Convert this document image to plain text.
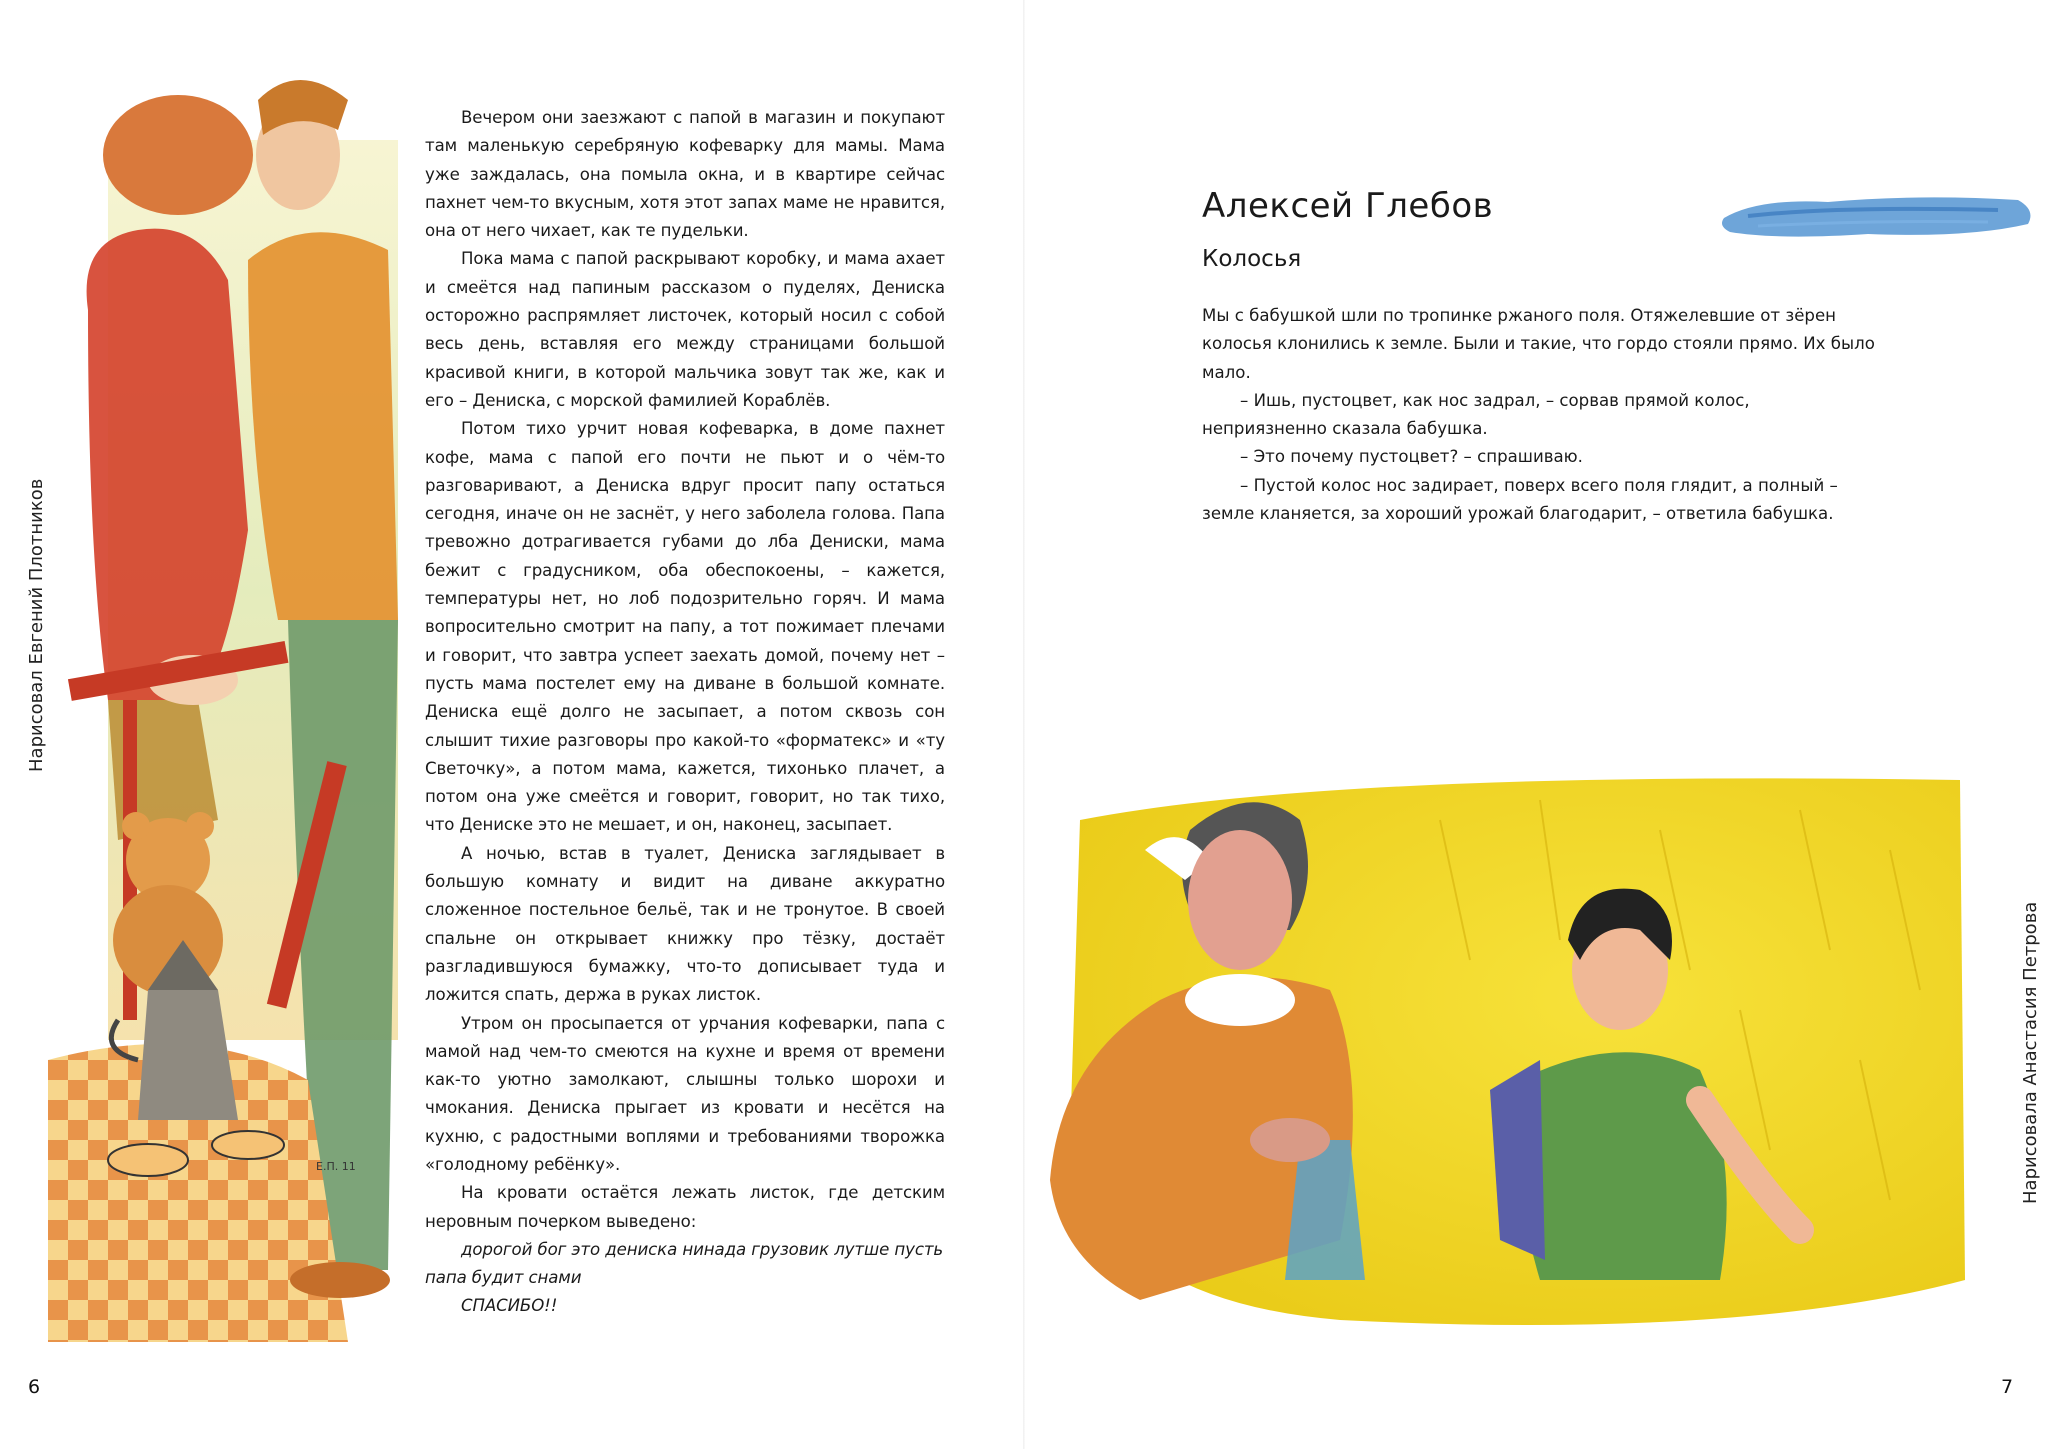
Е.П. 11
Нарисовал Евгений Плотников

Вечером они заезжают с папой в магазин и покупают там маленькую серебряную кофеварку для мамы. Мама уже заждалась, она помыла окна, и в квартире сейчас пахнет чем-то вкусным, хотя этот запах маме не нравится, она от него чихает, как те пудельки.

Пока мама с папой раскрывают коробку, и мама ахает и смеётся над папиным рассказом о пуделях, Дениска осторожно распрямляет листочек, который носил с собой весь день, вставляя его между страницами большой красивой книги, в которой мальчика зовут так же, как и его – Дениска, с морской фамилией Кораблёв.

Потом тихо урчит новая кофеварка, в доме пахнет кофе, мама с папой его почти не пьют и о чём-то разговаривают, а Дениска вдруг просит папу остаться сегодня, иначе он не заснёт, у него заболела голова. Папа тревожно дотрагивается губами до лба Дениски, мама бежит с градусником, оба обеспокоены, – кажется, температуры нет, но лоб подозрительно горяч. И мама вопросительно смотрит на папу, а тот пожимает плечами и говорит, что завтра успеет заехать домой, почему нет – пусть мама постелет ему на диване в большой комнате. Дениска ещё долго не засыпает, а потом сквозь сон слышит тихие разговоры про какой-то «форматекс» и «ту Светочку», а потом мама, кажется, тихонько плачет, а потом она уже смеётся и говорит, говорит, но так тихо, что Дениске это не мешает, и он, наконец, засыпает.

А ночью, встав в туалет, Дениска заглядывает в большую комнату и видит на диване аккуратно сложенное постельное бельё, так и не тронутое. В своей спальне он открывает книжку про тёзку, достаёт разгладившуюся бумажку, что-то дописывает туда и ложится спать, держа в руках листок.

Утром он просыпается от урчания кофеварки, папа с мамой над чем-то смеются на кухне и время от времени как-то уютно замолкают, слышны только шорохи и чмокания. Дениска прыгает из кровати и несётся на кухню, с радостными воплями и требованиями творожка «голодному ребёнку».

На кровати остаётся лежать листок, где детским неровным почерком выведено:

дорогой бог это дениска нинада грузовик лутше пусть папа будит снами

СПАСИБО!!

6
Алексей Глебов
Колосья

Мы с бабушкой шли по тропинке ржаного поля. Отяжелевшие от зёрен колосья клонились к земле. Были и такие, что гордо стояли прямо. Их было мало.

– Ишь, пустоцвет, как нос задрал, – сорвав прямой колос, неприязненно сказала бабушка.

– Это почему пустоцвет? – спрашиваю.

– Пустой колос нос задирает, поверх всего поля глядит, а полный – земле кланяется, за хороший урожай благодарит, – ответила бабушка.

Нарисовала Анастасия Петрова
7
